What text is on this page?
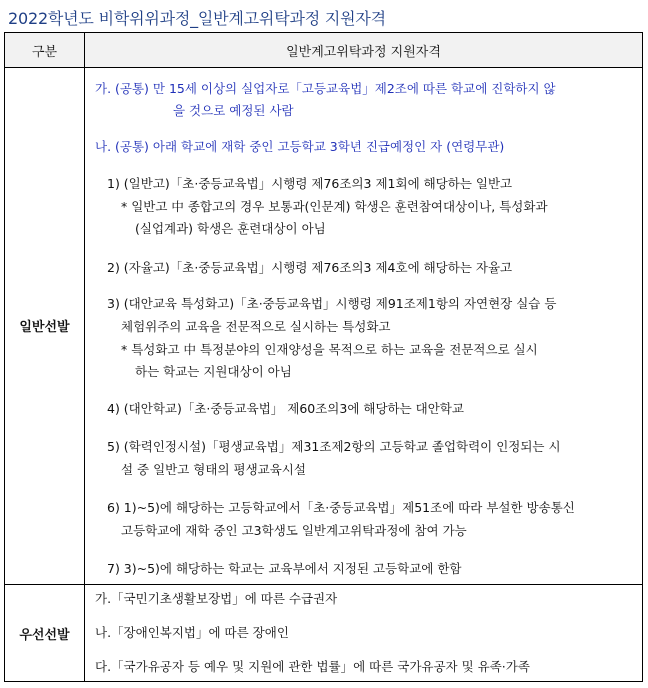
2022학년도 비학위위과정_일반계고위탁과정 지원자격
구분	일반계고위탁과정 지원자격
일반선발
가. (공통) 만 15세 이상의 실업자로「고등교육법」제2조에 따른 학교에 진학하지 않
을 것으로 예정된 사람
나. (공통) 아래 학교에 재학 중인 고등학교 3학년 진급예정인 자 (연령무관)
1) (일반고)「초·중등교육법」시행령 제76조의3 제1회에 해당하는 일반고
* 일반고 中 종합고의 경우 보통과(인문계) 학생은 훈련참여대상이나, 특성화과
(실업계과) 학생은 훈련대상이 아님
2) (자율고)「초·중등교육법」시행령 제76조의3 제4호에 해당하는 자율고
3) (대안교육 특성화고)「초·중등교육법」시행령 제91조제1항의 자연현장 실습 등
체험위주의 교육을 전문적으로 실시하는 특성화고
* 특성화고 中 특정분야의 인재양성을 목적으로 하는 교육을 전문적으로 실시
하는 학교는 지원대상이 아님
4) (대안학교)「초·중등교육법」 제60조의3에 해당하는 대안학교
5) (학력인정시설)「평생교육법」제31조제2항의 고등학교 졸업학력이 인정되는 시
설 중 일반고 형태의 평생교육시설
6) 1)~5)에 해당하는 고등학교에서「초·중등교육법」제51조에 따라 부설한 방송통신
고등학교에 재학 중인 고3학생도 일반계고위탁과정에 참여 가능
7) 3)~5)에 해당하는 학교는 교육부에서 지정된 고등학교에 한함
우선선발
가.「국민기초생활보장법」에 따른 수급권자
나.「장애인복지법」에 따른 장애인
다.「국가유공자 등 예우 및 지원에 관한 법률」에 따른 국가유공자 및 유족·가족
